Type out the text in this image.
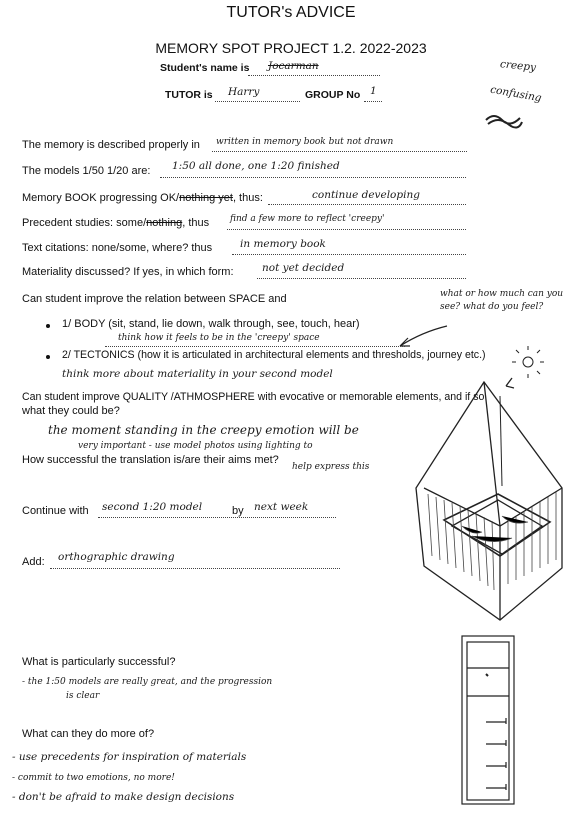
TUTOR's ADVICE
MEMORY SPOT PROJECT 1.2. 2022-2023
Student's name is Jocarman
TUTOR is Harry	GROUP No 1
creepy
confusing
The memory is described properly in written in memory book but not drawn
The models 1/50 1/20 are: 1:50 all done, one 1:20 finished
Memory BOOK progressing OK/nothing yet, thus:	continue developing
Precedent studies: some/nothing, thus find a few more to reflect 'creepy'
Text citations: none/some, where? thus	in memory book
Materiality discussed? If yes, in which form:	not yet decided
Can student improve the relation between SPACE and	what or how much can you see? what do you feel?
1/ BODY (sit, stand, lie down, walk through, see, touch, hear)
think how it feels to be in the 'creepy' space
2/ TECTONICS (how it is articulated in architectural elements and thresholds, journey etc.)
think more about materiality in your second model
Can student improve QUALITY /ATHMOSPHERE with evocative or memorable elements, and if so
what they could be?
the moment standing in the creepy emotion will be
very important - use model photos using lighting to
How successful the translation is/are their aims met?
help express this
Continue with second 1:20 model	by next week
Add: orthographic drawing
What is particularly successful?
- the 1:50 models are really great, and the progression
is clear
What can they do more of?
- use precedents for inspiration of materials
- commit to two emotions, no more!
- don't be afraid to make design decisions
